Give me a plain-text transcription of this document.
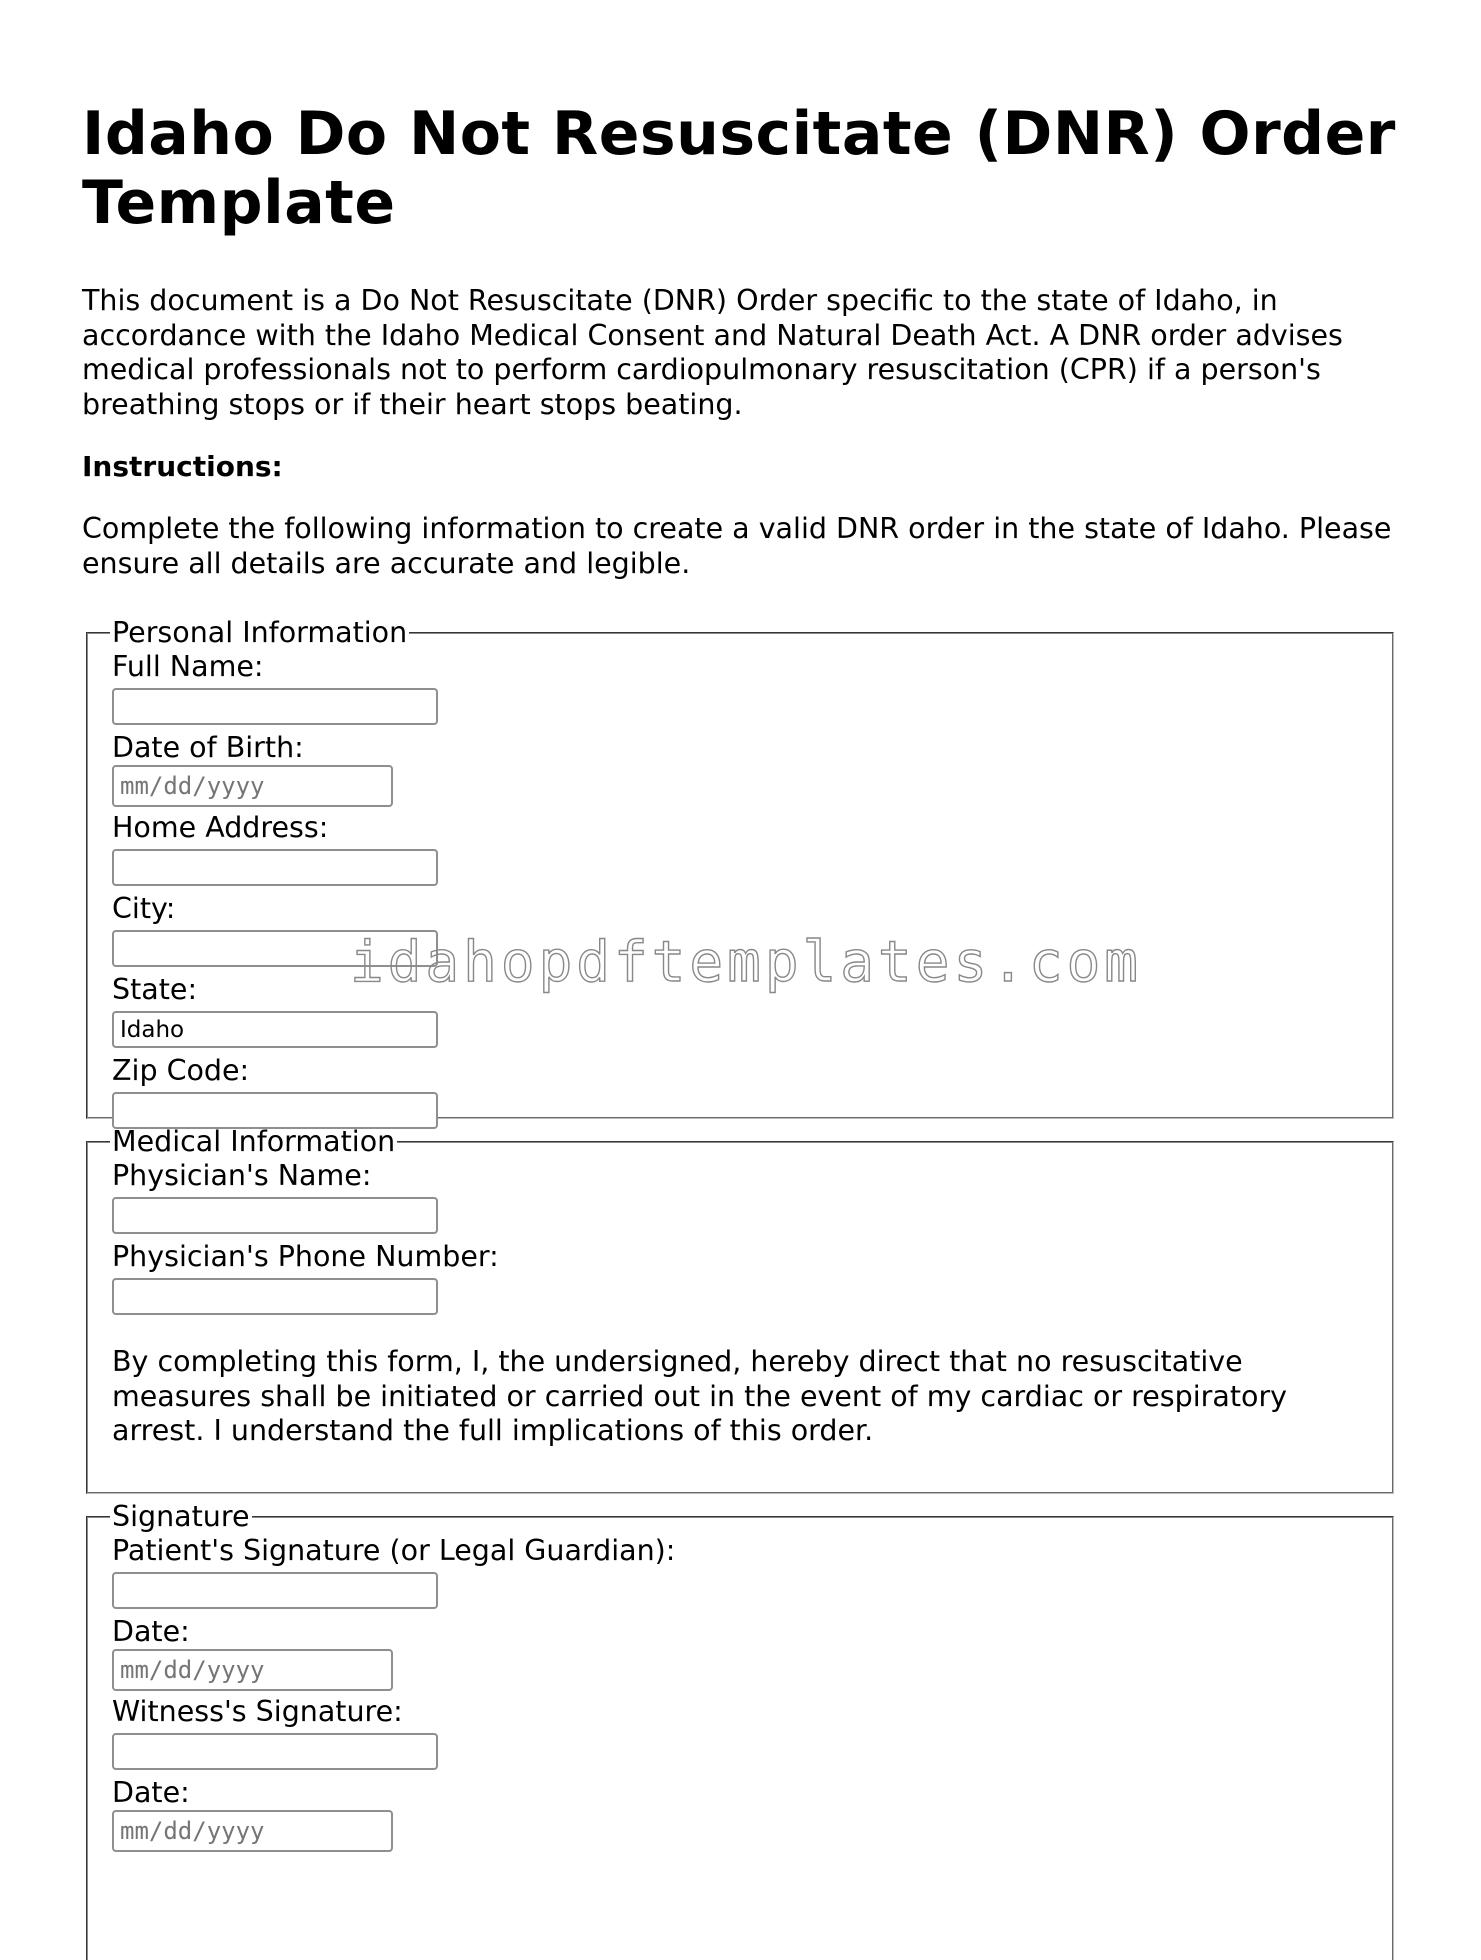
Idaho Do Not Resuscitate (DNR) Order Template

This document is a Do Not Resuscitate (DNR) Order specific to the state of Idaho, in accordance with the Idaho Medical Consent and Natural Death Act. A DNR order advises medical professionals not to perform cardiopulmonary resuscitation (CPR) if a person's breathing stops or if their heart stops beating.

Instructions:

Complete the following information to create a valid DNR order in the state of Idaho. Please ensure all details are accurate and legible.

Personal Information
Full Name:
Date of Birth:
mm/dd/yyyy
Home Address:
City:
State:
Idaho
Zip Code:
Medical Information
Physician's Name:
Physician's Phone Number:

By completing this form, I, the undersigned, hereby direct that no resuscitative measures shall be initiated or carried out in the event of my cardiac or respiratory arrest. I understand the full implications of this order.

Signature
Patient's Signature (or Legal Guardian):
Date:
mm/dd/yyyy
Witness's Signature:
Date:
mm/dd/yyyy
idahopdftemplates.com
